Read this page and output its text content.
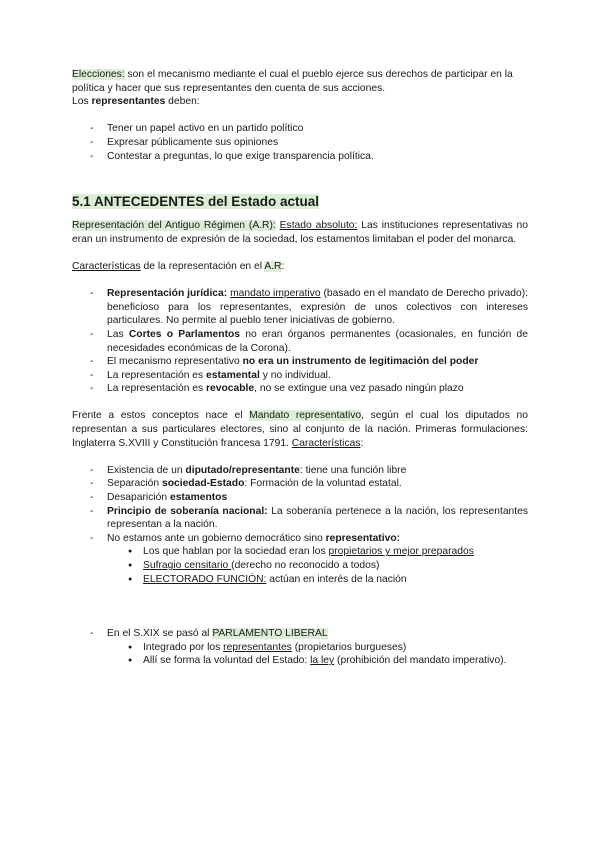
Elecciones: son el mecanismo mediante el cual el pueblo ejerce sus derechos de participar en la política y hacer que sus representantes den cuenta de sus acciones.
Los representantes deben:

- Tener un papel activo en un partido político
- Expresar públicamente sus opiniones
- Contestar a preguntas, lo que exige transparencia política.
5.1 ANTECEDENTES del Estado actual

Representación del Antiguo Régimen (A.R): Estado absoluto: Las instituciones representativas no eran un instrumento de expresión de la sociedad, los estamentos limitaban el poder del monarca.

Características de la representación en el A.R:

- Representación jurídica: mandato imperativo (basado en el mandato de Derecho privado): beneficioso para los representantes, expresión de unos colectivos con intereses particulares. No permite al pueblo tener iniciativas de gobierno.
- Las Cortes o Parlamentos no eran órganos permanentes (ocasionales, en función de necesidades económicas de la Corona).
- El mecanismo representativo no era un instrumento de legitimación del poder
- La representación es estamental y no individual.
- La representación es revocable, no se extingue una vez pasado ningún plazo

Frente a estos conceptos nace el Mandato representativo, según el cual los diputados no representan a sus particulares electores, sino al conjunto de la nación. Primeras formulaciones: Inglaterra S.XVIII y Constitución francesa 1791. Características:

- Existencia de un diputado/representante: tiene una función libre
- Separación sociedad-Estado: Formación de la voluntad estatal.
- Desaparición estamentos
- Principio de soberanía nacional: La soberanía pertenece a la nación, los representantes representan a la nación.
- No estamos ante un gobierno democrático sino representativo:
● Los que hablan por la sociedad eran los propietarios y mejor preparados
● Sufragio censitario (derecho no reconocido a todos)
● ELECTORADO FUNCIÓN: actúan en interés de la nación
- En el S.XIX se pasó al PARLAMENTO LIBERAL
● Integrado por los representantes (propietarios burgueses)
● Allí se forma la voluntad del Estado: la ley (prohibición del mandato imperativo).
